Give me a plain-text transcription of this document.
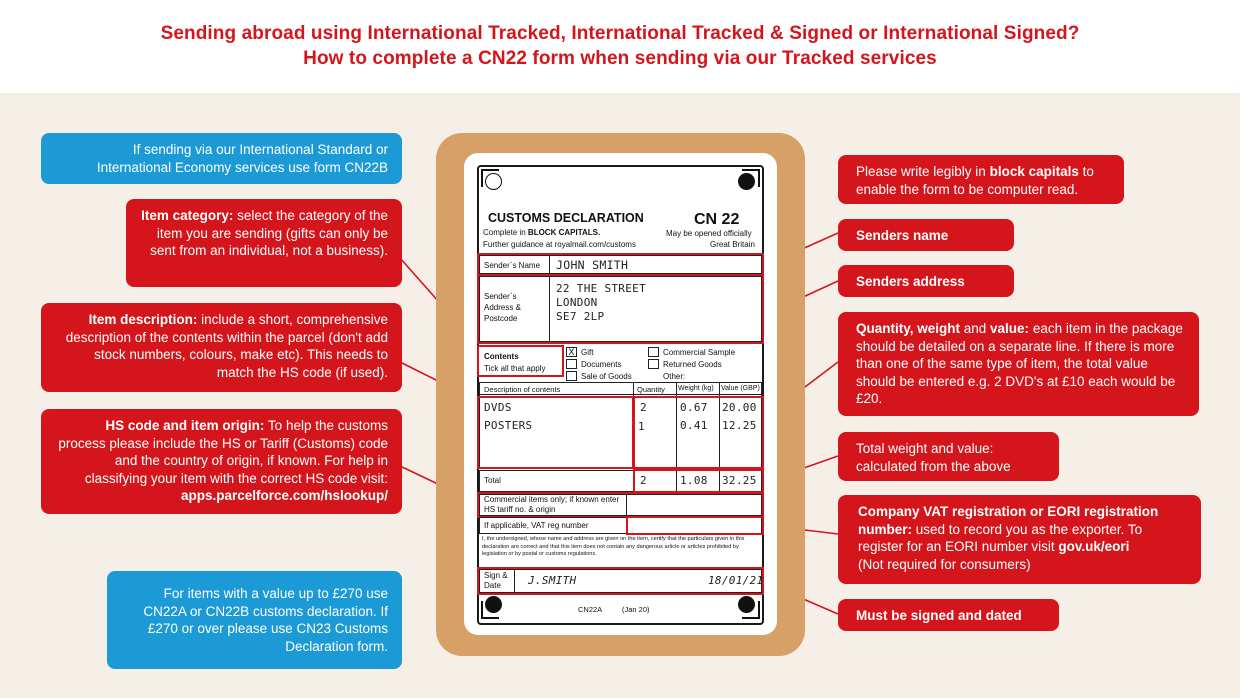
Sending abroad using International Tracked, International Tracked & Signed or International Signed?
How to complete a CN22 form when sending via our Tracked services
If sending via our International Standard or International Economy services use form CN22B
Item category: select the category of the item you are sending (gifts can only be sent from an individual, not a business).
Item description: include a short, comprehensive description of the contents within the parcel (don't add stock numbers, colours, make etc). This needs to match the HS code (if used).
HS code and item origin: To help the customs process please include the HS or Tariff (Customs) code and the country of origin, if known. For help in classifying your item with the correct HS code visit: apps.parcelforce.com/hslookup/
For items with a value up to £270 use CN22A or CN22B customs declaration. If £270 or over please use CN23 Customs Declaration form.
Please write legibly in block capitals to enable the form to be computer read.
Senders name
Senders address
Quantity, weight and value: each item in the package should be detailed on a separate line. If there is more than one of the same type of item, the total value should be entered e.g. 2 DVD's at £10 each would be £20.
Total weight and value: calculated from the above
Company VAT registration or EORI registration number: used to record you as the exporter. To register for an EORI number visit gov.uk/eori
(Not required for consumers)
Must be signed and dated
CUSTOMS DECLARATION	CN 22
Complete in BLOCK CAPITALS.
Further guidance at royalmail.com/customs
May be opened officially
Great Britain
Sender`s Name JOHN SMITH
Sender`s Address & Postcode
22 THE STREET
LONDON
SE7 2LP
Contents
Tick all that apply
X Gift
Documents
Sale of Goods
Commercial Sample
Returned Goods
Other:
Description of contents	Quantity Weight (kg) Value (GBP)
DVDS	2	0.67 20.00
POSTERS	1	0.41 12.25
Total	2	1.08 32.25
Commercial items only; if known enter HS tariff no. & origin
If applicable, VAT reg number
I, the undersigned, whose name and address are given on the item, certify that the particulars given in this declaration are correct and that this item does not contain any dangerous article or articles prohibited by legislation or by postal or customs regulations.
Sign & Date	J.SMITH	18/01/21
CN22A	(Jan 20)
